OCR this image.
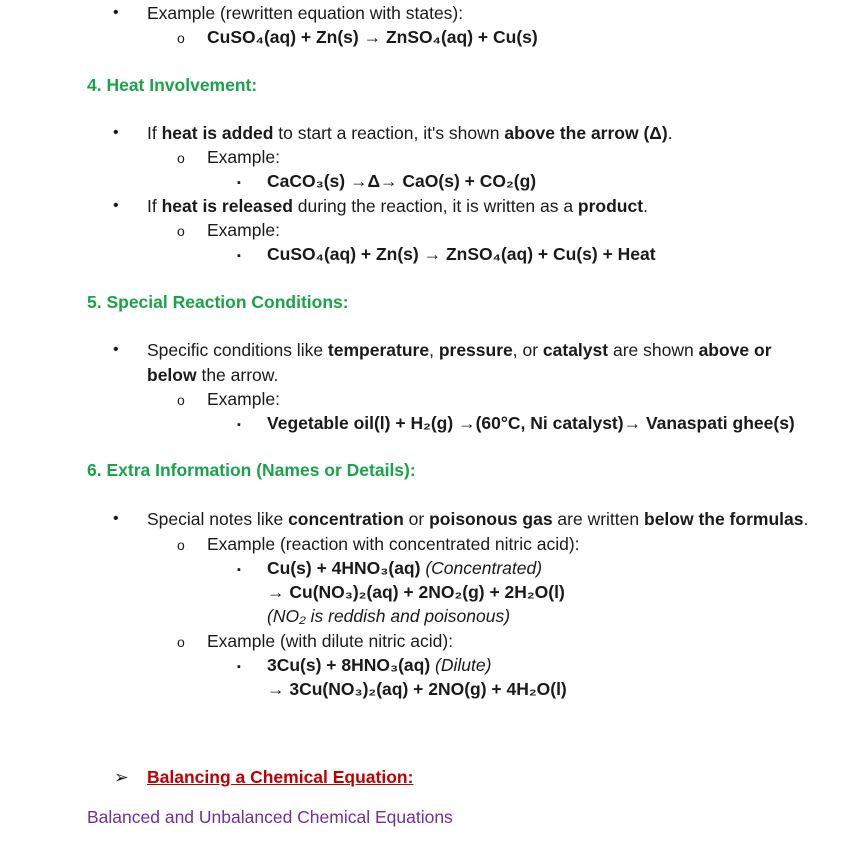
• Example (rewritten equation with states):
o CuSO₄(aq) + Zn(s) → ZnSO₄(aq) + Cu(s)
4. Heat Involvement:
• If heat is added to start a reaction, it's shown above the arrow (Δ).
o Example:
▪ CaCO₃(s) →Δ→ CaO(s) + CO₂(g)
• If heat is released during the reaction, it is written as a product.
o Example:
▪ CuSO₄(aq) + Zn(s) → ZnSO₄(aq) + Cu(s) + Heat
5. Special Reaction Conditions:
• Specific conditions like temperature, pressure, or catalyst are shown above or
below the arrow.
o Example:
▪ Vegetable oil(l) + H₂(g) →(60°C, Ni catalyst)→ Vanaspati ghee(s)
6. Extra Information (Names or Details):
• Special notes like concentration or poisonous gas are written below the formulas.
o Example (reaction with concentrated nitric acid):
▪ Cu(s) + 4HNO₃(aq) (Concentrated)
→ Cu(NO₃)₂(aq) + 2NO₂(g) + 2H₂O(l)
(NO₂ is reddish and poisonous)
o Example (with dilute nitric acid):
▪ 3Cu(s) + 8HNO₃(aq) (Dilute)
→ 3Cu(NO₃)₂(aq) + 2NO(g) + 4H₂O(l)
➢ Balancing a Chemical Equation:
Balanced and Unbalanced Chemical Equations
